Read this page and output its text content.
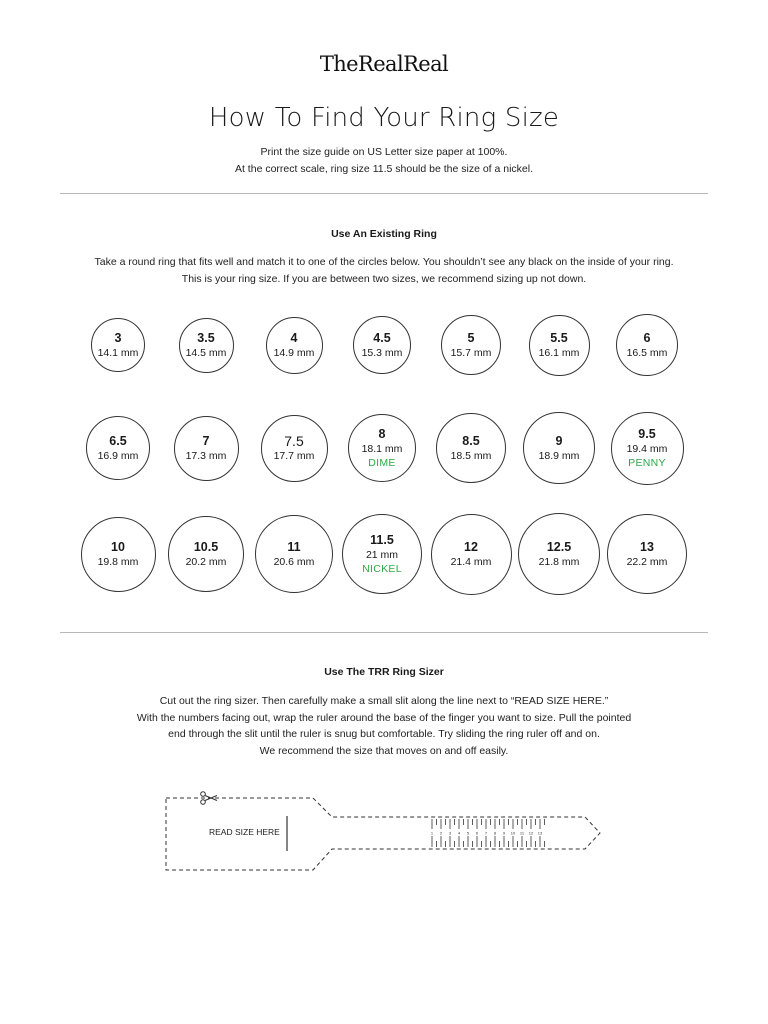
TheRealReal
How To Find Your Ring Size
Print the size guide on US Letter size paper at 100%.
At the correct scale, ring size 11.5 should be the size of a nickel.
Use An Existing Ring
Take a round ring that fits well and match it to one of the circles below. You shouldn’t see any black on the inside of your ring.
This is your ring size. If you are between two sizes, we recommend sizing up not down.
3
14.1 mm
3.5
14.5 mm
4
14.9 mm
4.5
15.3 mm
5
15.7 mm
5.5
16.1 mm
6
16.5 mm
6.5
16.9 mm
7
17.3 mm
7.5
17.7 mm
8
18.1 mm
DIME
8.5
18.5 mm
9
18.9 mm
9.5
19.4 mm
PENNY
10
19.8 mm
10.5
20.2 mm
11
20.6 mm
11.5
21 mm
NICKEL
12
21.4 mm
12.5
21.8 mm
13
22.2 mm
Use The TRR Ring Sizer
Cut out the ring sizer. Then carefully make a small slit along the line next to “READ SIZE HERE.”
With the numbers facing out, wrap the ruler around the base of the finger you want to size. Pull the pointed
end through the slit until the ruler is snug but comfortable. Try sliding the ring ruler off and on.
We recommend the size that moves on and off easily.
1 2 3 4 5 6 7 8 9 10 11 12 13
READ SIZE HERE
